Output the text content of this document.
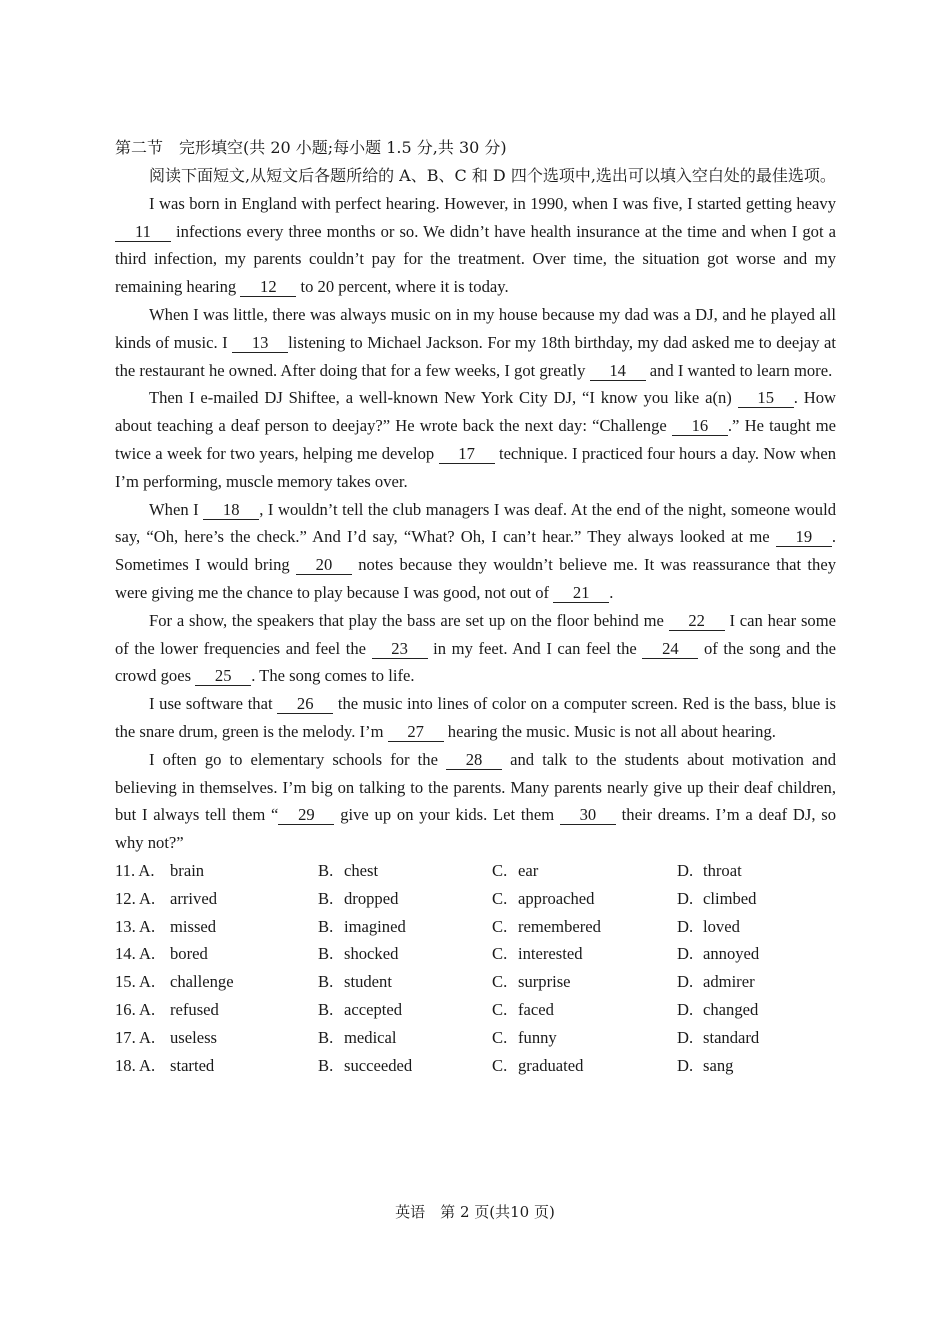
第二节　完形填空(共 20 小题;每小题 1.5 分,共 30 分)

阅读下面短文,从短文后各题所给的 A、B、C 和 D 四个选项中,选出可以填入空白处的最佳选项。

I was born in England with perfect hearing. However, in 1990, when I was five, I started getting heavy 11 infections every three months or so. We didn’t have health insurance at the time and when I got a third infection, my parents couldn’t pay for the treatment. Over time, the situation got worse and my remaining hearing 12 to 20 percent, where it is today.

When I was little, there was always music on in my house because my dad was a DJ, and he played all kinds of music. I 13 listening to Michael Jackson. For my 18th birthday, my dad asked me to deejay at the restaurant he owned. After doing that for a few weeks, I got greatly 14 and I wanted to learn more.

Then I e-mailed DJ Shiftee, a well-known New York City DJ, “I know you like a(n) 15 . How about teaching a deaf person to deejay?” He wrote back the next day: “Challenge 16 .” He taught me twice a week for two years, helping me develop 17 technique. I practiced four hours a day. Now when I’m performing, muscle memory takes over.

When I 18 , I wouldn’t tell the club managers I was deaf. At the end of the night, someone would say, “Oh, here’s the check.” And I’d say, “What? Oh, I can’t hear.” They always looked at me 19 . Sometimes I would bring 20 notes because they wouldn’t believe me. It was reassurance that they were giving me the chance to play because I was good, not out of 21 .

For a show, the speakers that play the bass are set up on the floor behind me 22 I can hear some of the lower frequencies and feel the 23 in my feet. And I can feel the 24 of the song and the crowd goes 25 . The song comes to life.

I use software that 26 the music into lines of color on a computer screen. Red is the bass, blue is the snare drum, green is the melody. I’m 27 hearing the music. Music is not all about hearing.

I often go to elementary schools for the 28 and talk to the students about motivation and believing in themselves. I’m big on talking to the parents. Many parents nearly give up their deaf children, but I always tell them “ 29 give up on your kids. Let them 30 their dreams. I’m a deaf DJ, so why not?”

11. A. brain	B. chest	C. ear	D. throat
12. A. arrived	B. dropped	C. approached	D. climbed
13. A. missed	B. imagined	C. remembered	D. loved
14. A. bored	B. shocked	C. interested	D. annoyed
15. A. challenge	B. student	C. surprise	D. admirer
16. A. refused	B. accepted	C. faced	D. changed
17. A. useless	B. medical	C. funny	D. standard
18. A. started	B. succeeded	C. graduated	D. sang
英语　第 2 页(共10 页)
